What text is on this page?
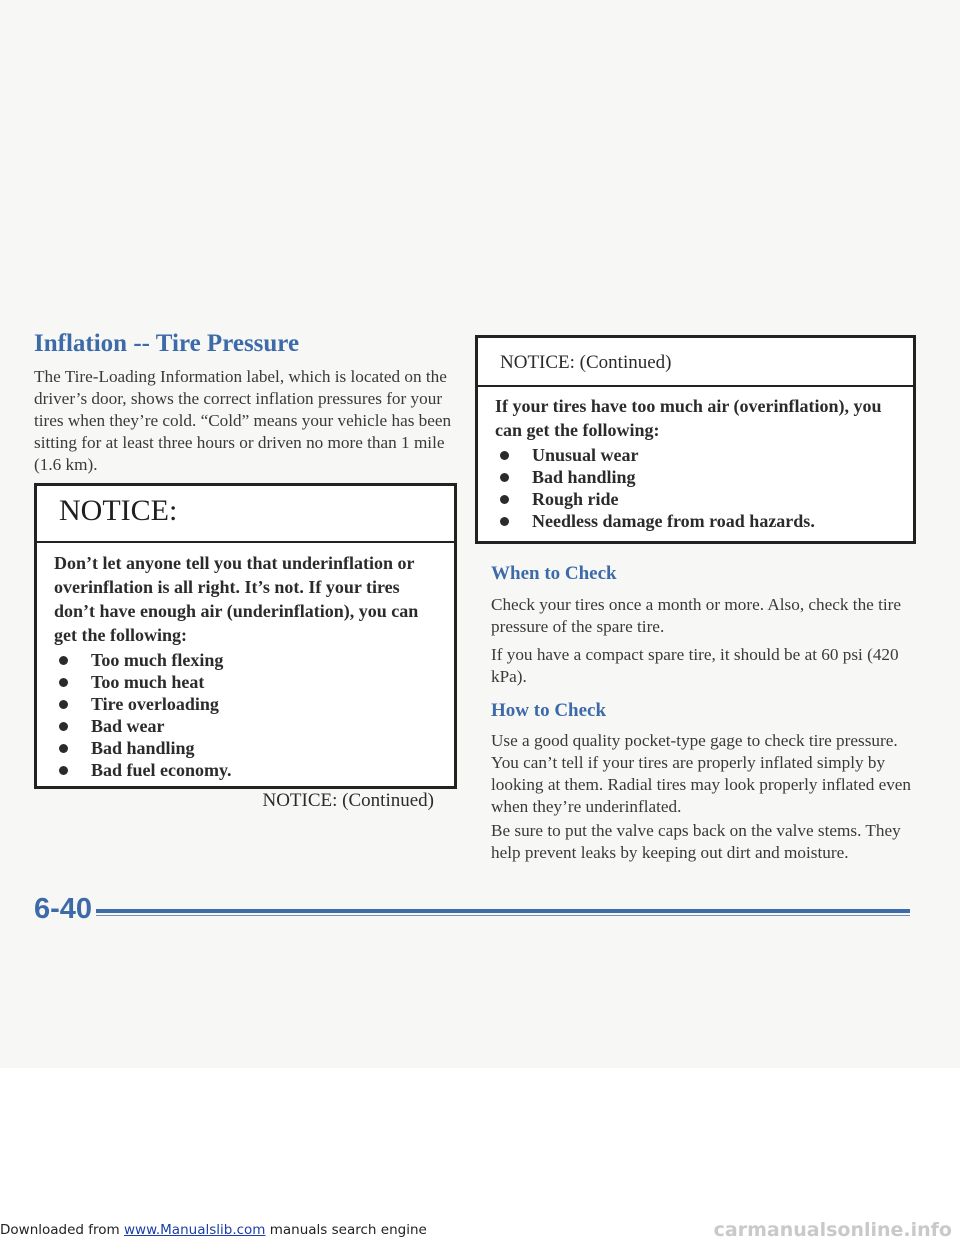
Inflation -- Tire Pressure

The Tire-Loading Information label, which is located on the driver’s door, shows the correct inflation pressures for your tires when they’re cold. “Cold” means your vehicle has been sitting for at least three hours or driven no more than 1 mile (1.6 km).

NOTICE:
Don’t let anyone tell you that underinflation or overinflation is all right. It’s not. If your tires don’t have enough air (underinflation), you can get the following:
Too much flexing
Too much heat
Tire overloading
Bad wear
Bad handling
Bad fuel economy.
NOTICE: (Continued)
NOTICE: (Continued)
If your tires have too much air (overinflation), you can get the following:
Unusual wear
Bad handling
Rough ride
Needless damage from road hazards.
When to Check

Check your tires once a month or more. Also, check the tire pressure of the spare tire.

If you have a compact spare tire, it should be at 60 psi (420 kPa).

How to Check

Use a good quality pocket-type gage to check tire pressure. You can’t tell if your tires are properly inflated simply by looking at them. Radial tires may look properly inflated even when they’re underinflated.

Be sure to put the valve caps back on the valve stems. They help prevent leaks by keeping out dirt and moisture.

6-40
Downloaded from www.Manualslib.com manuals search engine	carmanualsonline.info
